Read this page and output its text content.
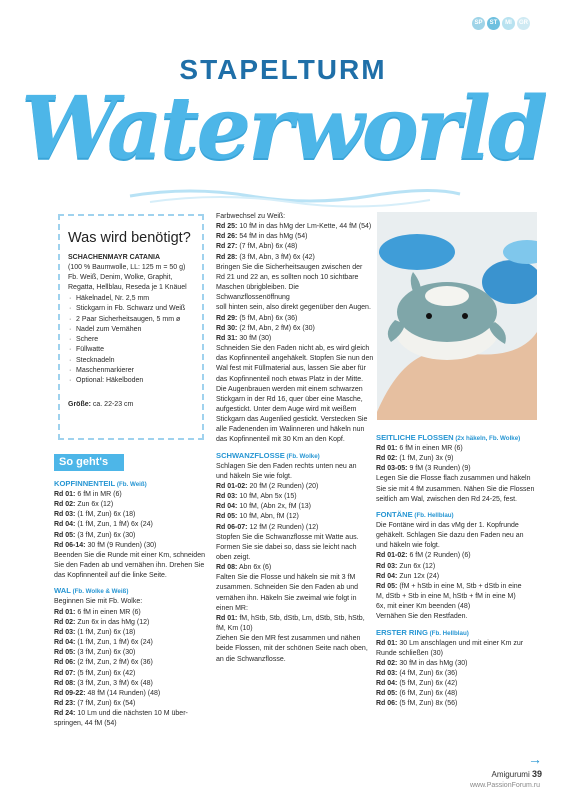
SP	ST	MI	GR
STAPELTURM
Waterworld
Was wird benötigt?
SCHACHENMAYR CATANIA

(100 % Baumwolle, LL: 125 m = 50 g)

Fb. Weiß, Denim, Wolke, Graphit,

Regatta, Hellblau, Reseda je 1 Knäuel

· Häkelnadel, Nr. 2,5 mm
· Stickgarn in Fb. Schwarz und Weiß
· 2 Paar Sicherheitsaugen, 5 mm ø
· Nadel zum Vernähen
· Schere
· Füllwatte
· Stecknadeln
· Maschenmarkierer
· Optional: Häkelboden
Größe: ca. 22-23 cm
So geht's
KOPFINNENTEIL (Fb. Weiß)
Rd 01: 6 fM in MR (6)
Rd 02: Zun 6x (12)
Rd 03: (1 fM, Zun) 6x (18)
Rd 04: (1 fM, Zun, 1 fM) 6x (24)
Rd 05: (3 fM, Zun) 6x (30)
Rd 06-14: 30 fM (9 Runden) (30)
Beenden Sie die Runde mit einer Km, schneiden
Sie den Faden ab und vernähen ihn. Drehen Sie
das Kopfinnenteil auf die linke Seite.
WAL (Fb. Wolke & Weiß)
Beginnen Sie mit Fb. Wolke:
Rd 01: 6 fM in einen MR (6)
Rd 02: Zun 6x in das hMg (12)
Rd 03: (1 fM, Zun) 6x (18)
Rd 04: (1 fM, Zun, 1 fM) 6x (24)
Rd 05: (3 fM, Zun) 6x (30)
Rd 06: (2 fM, Zun, 2 fM) 6x (36)
Rd 07: (5 fM, Zun) 6x (42)
Rd 08: (3 fM, Zun, 3 fM) 6x (48)
Rd 09-22: 48 fM (14 Runden) (48)
Rd 23: (7 fM, Zun) 6x (54)
Rd 24: 10 Lm und die nächsten 10 M über-
springen, 44 fM (54)
Farbwechsel zu Weiß:
Rd 25: 10 fM in das hMg der Lm-Kette, 44 fM (54)
Rd 26: 54 fM in das hMg (54)
Rd 27: (7 fM, Abn) 6x (48)
Rd 28: (3 fM, Abn, 3 fM) 6x (42)
Bringen Sie die Sicherheitsaugen zwischen der
Rd 21 und 22 an, es sollten noch 10 sichtbare
Maschen übrigbleiben. Die Schwanzflossenöffnung
soll hinten sein, also direkt gegenüber den Augen.
Rd 29: (5 fM, Abn) 6x (36)
Rd 30: (2 fM, Abn, 2 fM) 6x (30)
Rd 31: 30 fM (30)
Schneiden Sie den Faden nicht ab, es wird gleich
das Kopfinnenteil angehäkelt. Stopfen Sie nun den
Wal fest mit Füllmaterial aus, lassen Sie aber für
das Kopfinnenteil noch etwas Platz in der Mitte.
Die Augenbrauen werden mit einem schwarzen
Stickgarn in der Rd 16, quer über eine Masche,
aufgestickt. Unter dem Auge wird mit weißem
Stickgarn das Augenlied gestickt. Verstecken Sie
alle Fadenenden im Walinneren und häkeln nun
das Kopfinnenteil mit 30 Km an den Kopf.
SCHWANZFLOSSE (Fb. Wolke)
Schlagen Sie den Faden rechts unten neu an
und häkeln Sie wie folgt.
Rd 01-02: 20 fM (2 Runden) (20)
Rd 03: 10 fM, Abn 5x (15)
Rd 04: 10 fM, (Abn 2x, fM (13)
Rd 05: 10 fM, Abn, fM (12)
Rd 06-07: 12 fM (2 Runden) (12)
Stopfen Sie die Schwanzflosse mit Watte aus.
Formen Sie sie dabei so, dass sie leicht nach
oben zeigt.
Rd 08: Abn 6x (6)
Falten Sie die Flosse und häkeln sie mit 3 fM
zusammen. Schneiden Sie den Faden ab und
vernähen ihn. Häkeln Sie zweimal wie folgt in
einen MR:
Rd 01: fM, hStb, Stb, dStb, Lm, dStb, Stb, hStb,
fM, Km (10)
Ziehen Sie den MR fest zusammen und nähen
beide Flossen, mit der schönen Seite nach oben,
an die Schwanzflosse.
SEITLICHE FLOSSEN (2x häkeln, Fb. Wolke)
Rd 01: 6 fM in einen MR (6)
Rd 02: (1 fM, Zun) 3x (9)
Rd 03-05: 9 fM (3 Runden) (9)
Legen Sie die Flosse flach zusammen und häkeln
Sie sie mit 4 fM zusammen. Nähen Sie die Flossen
seitlich am Wal, zwischen den Rd 24-25, fest.
FONTÄNE (Fb. Hellblau)
Die Fontäne wird in das vMg der 1. Kopfrunde
gehäkelt. Schlagen Sie dazu den Faden neu an
und häkeln wie folgt.
Rd 01-02: 6 fM (2 Runden) (6)
Rd 03: Zun 6x (12)
Rd 04: Zun 12x (24)
Rd 05: (fM + hStb in eine M, Stb + dStb in eine
M, dStb + Stb in eine M, hStb + fM in eine M)
6x, mit einer Km beenden (48)
Vernähen Sie den Restfaden.
ERSTER RING (Fb. Hellblau)
Rd 01: 30 Lm anschlagen und mit einer Km zur
Runde schließen (30)
Rd 02: 30 fM in das hMg (30)
Rd 03: (4 fM, Zun) 6x (36)
Rd 04: (5 fM, Zun) 6x (42)
Rd 05: (6 fM, Zun) 6x (48)
Rd 06: (5 fM, Zun) 8x (56)
→
Amigurumi 39
www.PassionForum.ru
